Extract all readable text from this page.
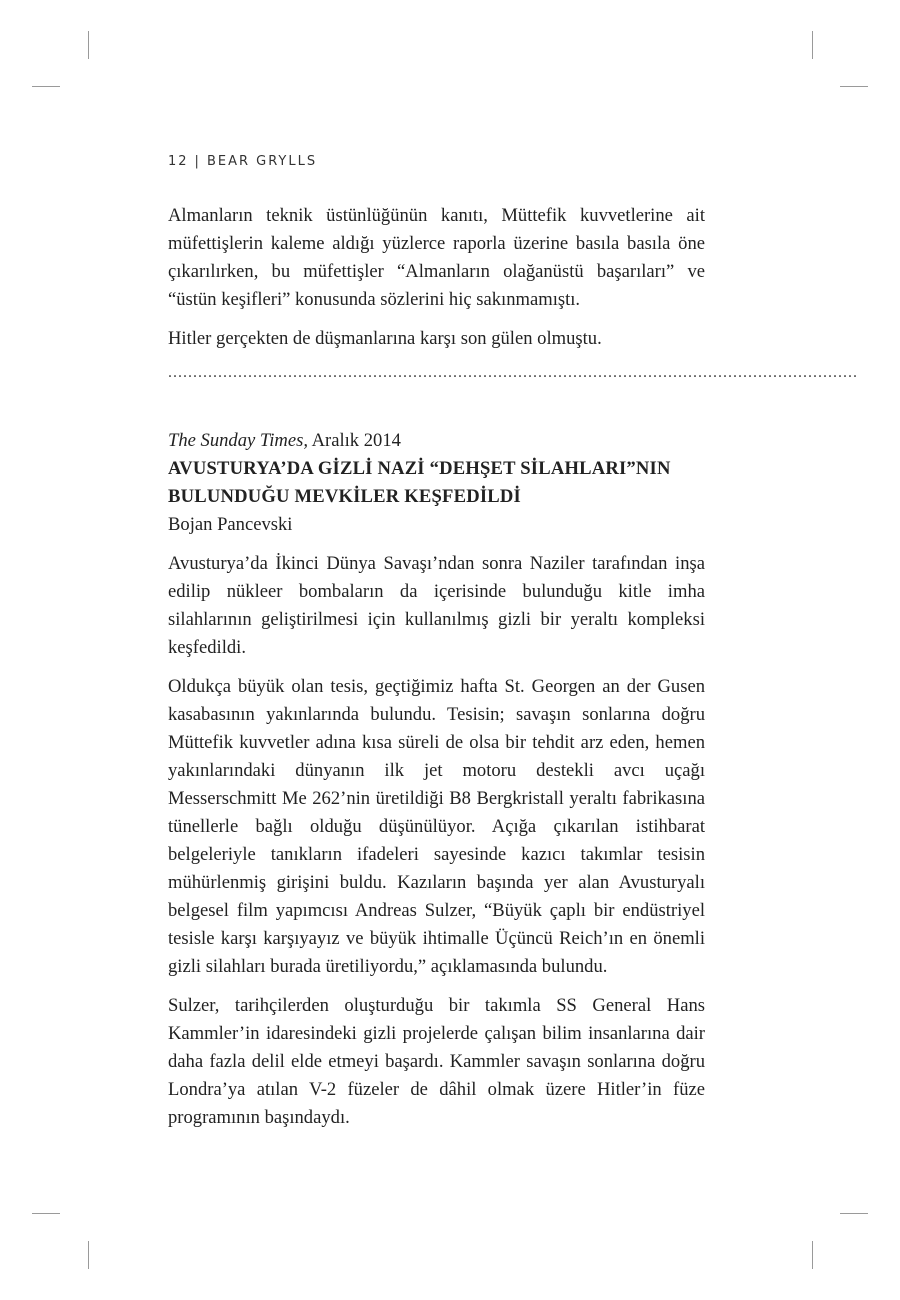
12 | BEAR GRYLLS

Almanların teknik üstünlüğünün kanıtı, Müttefik kuvvetlerine ait müfettişlerin kaleme aldığı yüzlerce raporla üzerine basıla basıla öne çıkarılırken, bu müfettişler “Almanların olağanüstü başarıları” ve “üstün keşifleri” konusunda sözlerini hiç sakınmamıştı.

Hitler gerçekten de düşmanlarına karşı son gülen olmuştu.

..........................................................................................................................................
The Sunday Times, Aralık 2014
AVUSTURYA’DA GİZLİ NAZİ “DEHŞET SİLAHLARI”NIN
BULUNDUĞU MEVKİLER KEŞFEDİLDİ
Bojan Pancevski

Avusturya’da İkinci Dünya Savaşı’ndan sonra Naziler tarafından inşa edilip nükleer bombaların da içerisinde bulunduğu kitle imha silahlarının geliştirilmesi için kullanılmış gizli bir yeraltı kompleksi keşfedildi.

Oldukça büyük olan tesis, geçtiğimiz hafta St. Georgen an der Gusen kasabasının yakınlarında bulundu. Tesisin; savaşın sonlarına doğru Müttefik kuvvetler adına kısa süreli de olsa bir tehdit arz eden, hemen yakınlarındaki dünyanın ilk jet motoru destekli avcı uçağı Messerschmitt Me 262’nin üretildiği B8 Bergkristall yeraltı fabrikasına tünellerle bağlı olduğu düşünülüyor. Açığa çıkarılan istihbarat belgeleriyle tanıkların ifadeleri sayesinde kazıcı takımlar tesisin mühürlenmiş girişini buldu. Kazıların başında yer alan Avusturyalı belgesel film yapımcısı Andreas Sulzer, “Büyük çaplı bir endüstriyel tesisle karşı karşıyayız ve büyük ihtimalle Üçüncü Reich’ın en önemli gizli silahları burada üretiliyordu,” açıklamasında bulundu.

Sulzer, tarihçilerden oluşturduğu bir takımla SS General Hans Kammler’in idaresindeki gizli projelerde çalışan bilim insanlarına dair daha fazla delil elde etmeyi başardı. Kammler savaşın sonlarına doğru Londra’ya atılan V-2 füzeler de dâhil olmak üzere Hitler’in füze programının başındaydı.
